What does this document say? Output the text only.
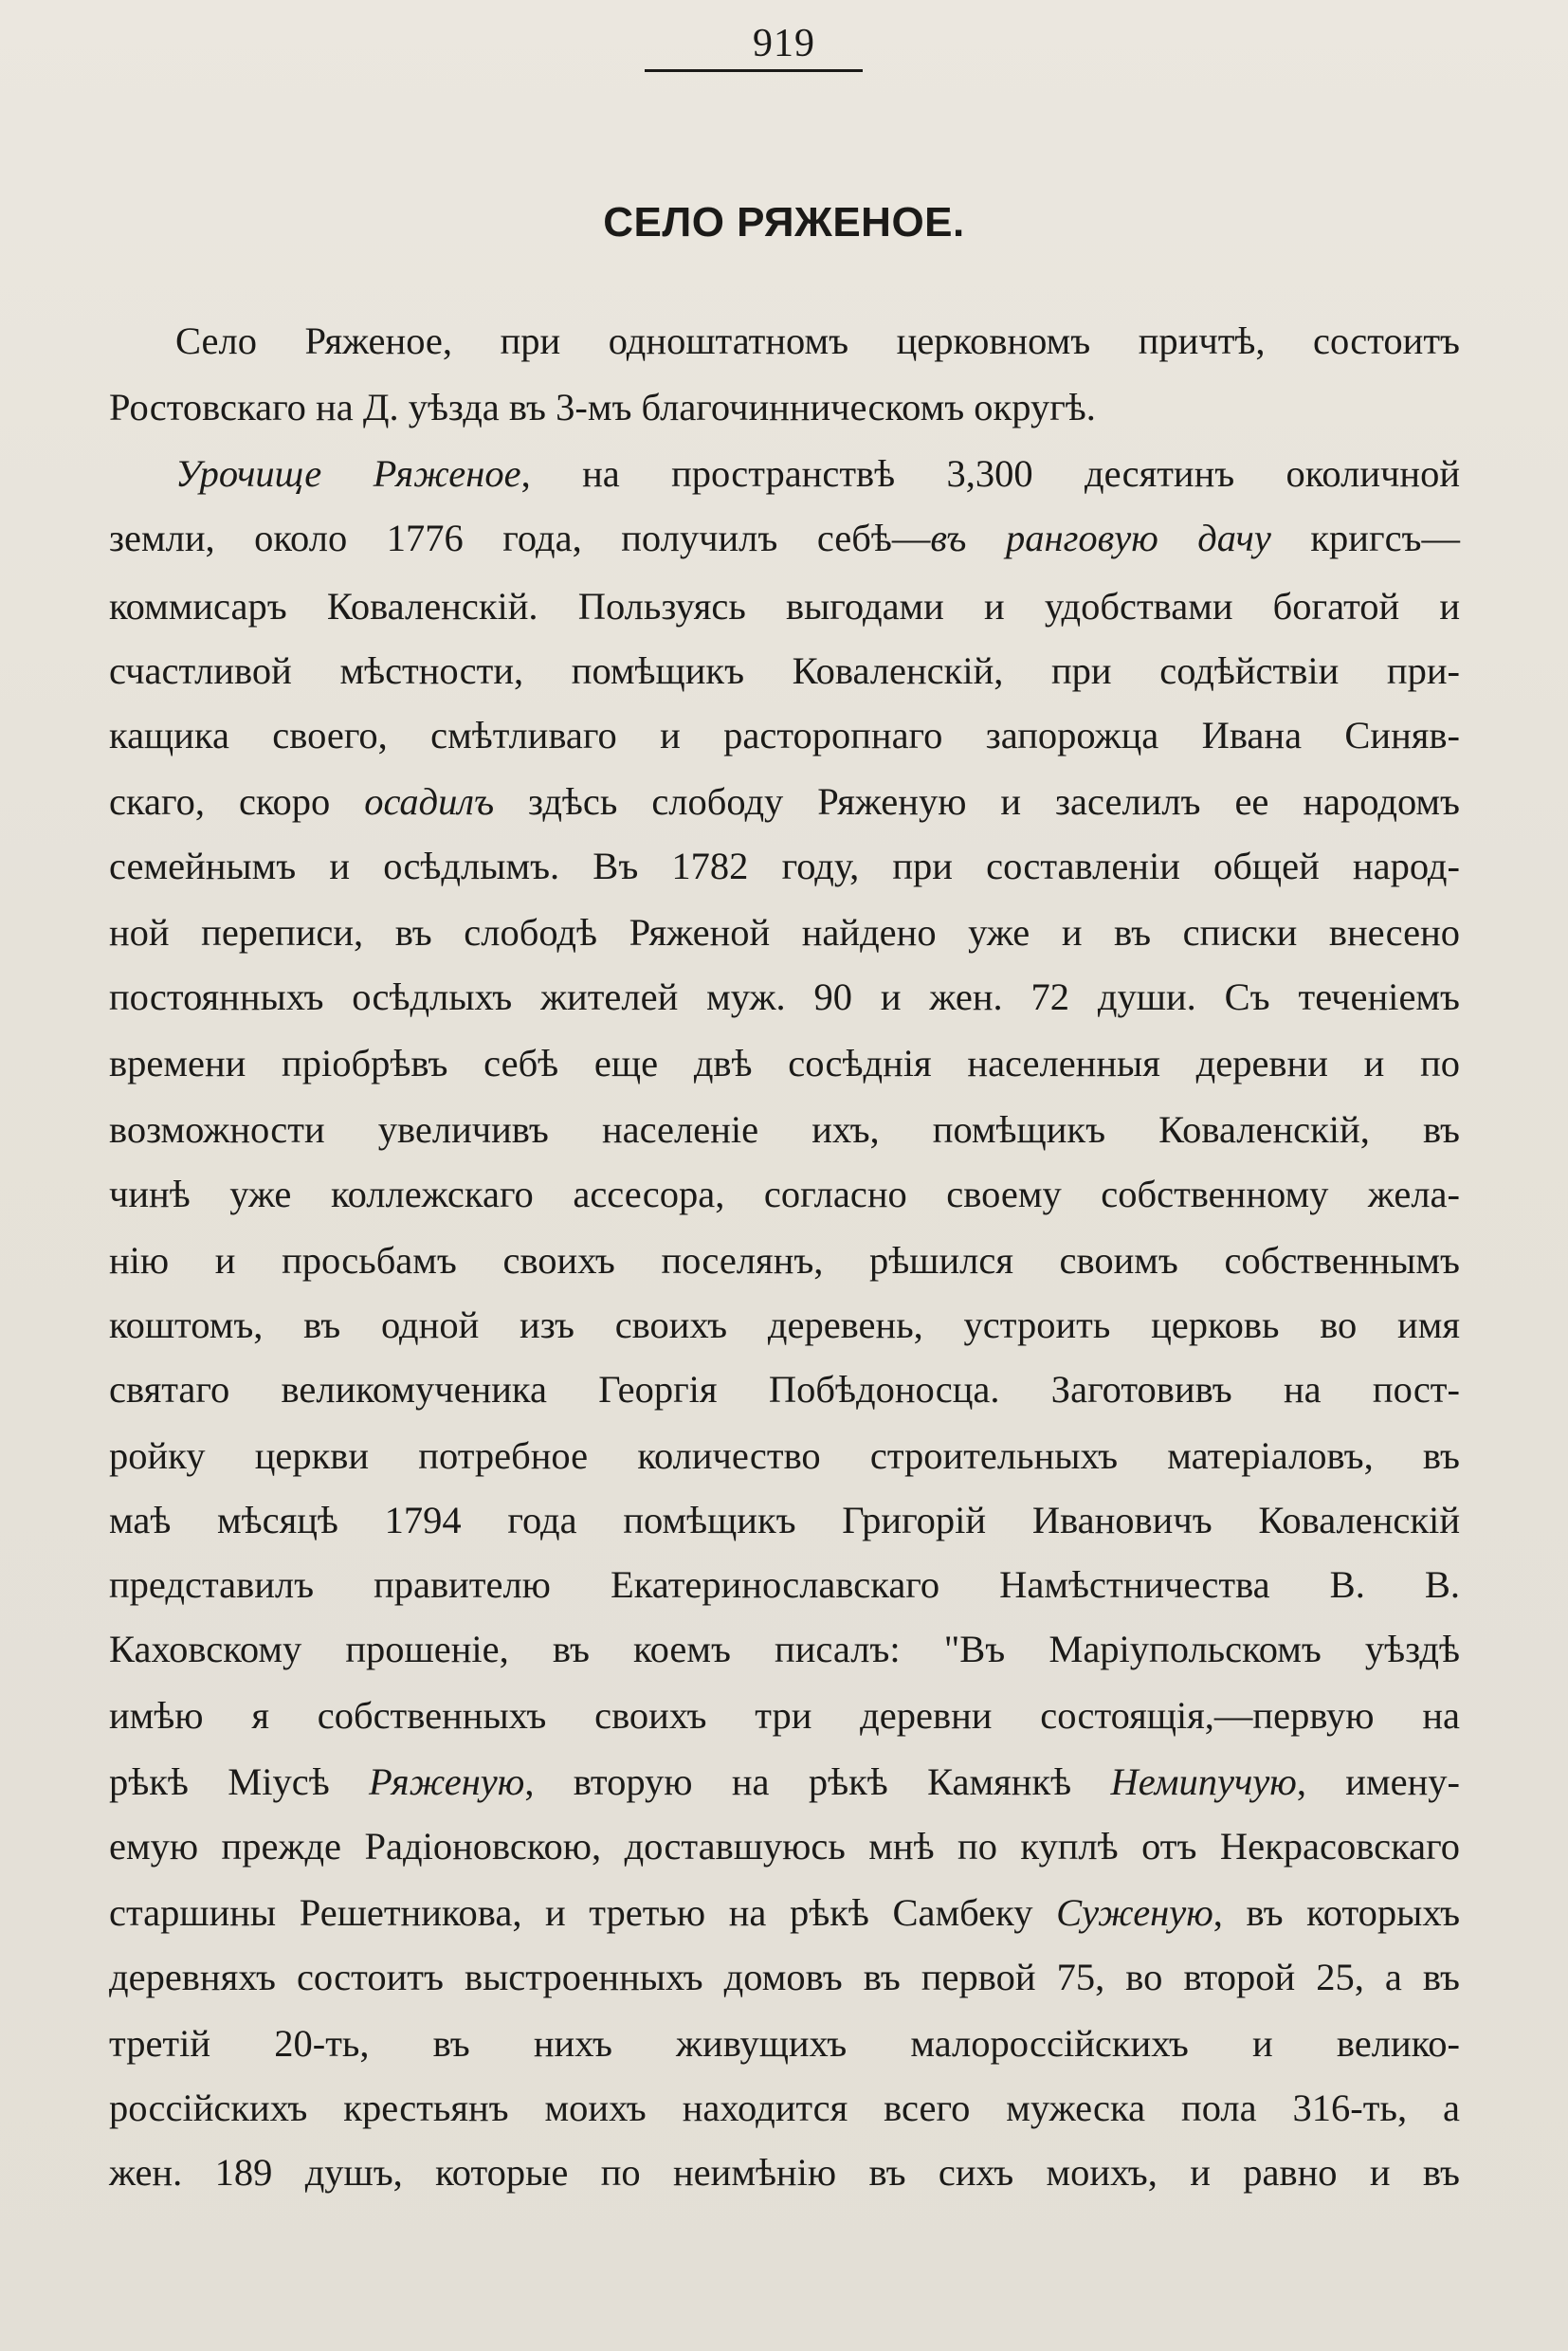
919
СЕЛО РЯЖЕНОЕ.
Село Ряженое, при одноштатномъ церковномъ причтѣ, состоитъ
Ростовскаго на Д. уѣзда въ 3-мъ благочинническомъ округѣ.
Урочище Ряженое, на пространствѣ 3,300 десятинъ околичной
земли, около 1776 года, получилъ себѣ—въ ранговую дачу кригсъ—
коммисаръ Коваленскій. Пользуясь выгодами и удобствами богатой и
счастливой мѣстности, помѣщикъ Коваленскій, при содѣйствіи при-
кащика своего, смѣтливаго и расторопнаго запорожца Ивана Синяв-
скаго, скоро осадилъ здѣсь слободу Ряженую и заселилъ ее народомъ
семейнымъ и осѣдлымъ. Въ 1782 году, при составленіи общей народ-
ной переписи, въ слободѣ Ряженой найдено уже и въ списки внесено
постоянныхъ осѣдлыхъ жителей муж. 90 и жен. 72 души. Съ теченіемъ
времени пріобрѣвъ себѣ еще двѣ сосѣднія населенныя деревни и по
возможности увеличивъ населеніе ихъ, помѣщикъ Коваленскій, въ
чинѣ уже коллежскаго ассесора, согласно своему собственному жела-
нію и просьбамъ своихъ поселянъ, рѣшился своимъ собственнымъ
коштомъ, въ одной изъ своихъ деревень, устроить церковь во имя
святаго великомученика Георгія Побѣдоносца. Заготовивъ на пост-
ройку церкви потребное количество строительныхъ матеріаловъ, въ
маѣ мѣсяцѣ 1794 года помѣщикъ Григорій Ивановичъ Коваленскій
представилъ правителю Екатеринославскаго Намѣстничества В. В.
Каховскому прошеніе, въ коемъ писалъ: "Въ Маріупольскомъ уѣздѣ
имѣю я собственныхъ своихъ три деревни состоящія,—первую на
рѣкѣ Міусѣ Ряженую, вторую на рѣкѣ Камянкѣ Немипучую, имену-
емую прежде Радіоновскою, доставшуюсь мнѣ по куплѣ отъ Некрасовскаго
старшины Решетникова, и третью на рѣкѣ Самбеку Суженую, въ которыхъ
деревняхъ состоитъ выстроенныхъ домовъ въ первой 75, во второй 25, а въ
третій 20-ть, въ нихъ живущихъ малороссійскихъ и велико-
россійскихъ крестьянъ моихъ находится всего мужеска пола 316-ть, а
жен. 189 душъ, которые по неимѣнію въ сихъ моихъ, и равно и въ
